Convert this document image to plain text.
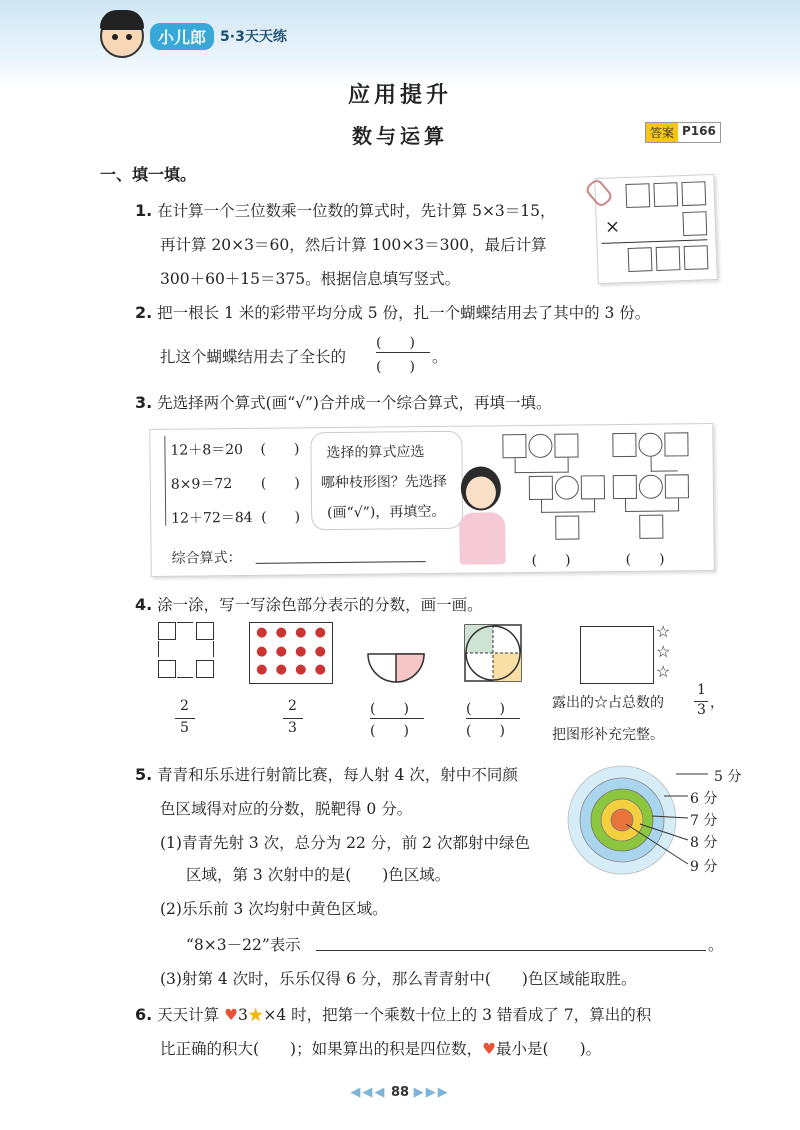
小儿郎	5·3天天练
应用提升
数与运算	答案 P166
一、填一填。
1. 在计算一个三位数乘一位数的算式时，先计算 5×3＝15，
再计算 20×3＝60，然后计算 100×3＝300，最后计算
300＋60＋15＝375。根据信息填写竖式。
×
2. 把一根长 1 米的彩带平均分成 5 份，扎一个蝴蝶结用去了其中的 3 份。
扎这个蝴蝶结用去了全长的
(　　)
(　　)
。
3. 先选择两个算式(画“√”)合并成一个综合算式，再填一填。
12＋8＝20 (　　)
8×9＝72 (　　)
12＋72＝84 (　　)
综合算式：
选择的算式应选
哪种枝形图？先选择
(画“√”)，再填空。
(　　)	(　　)
4. 涂一涂，写一写涂色部分表示的分数，画一画。
● ● ● ●
● ● ● ●
● ● ● ●
☆
☆
☆
2
5
2
3
(　　)
(　　)
(　　)
(　　)
露出的☆占总数的
1
3 ，
把图形补充完整。
5. 青青和乐乐进行射箭比赛，每人射 4 次，射中不同颜
色区域得对应的分数，脱靶得 0 分。
(1)青青先射 3 次，总分为 22 分，前 2 次都射中绿色
区域，第 3 次射中的是(　　)色区域。
(2)乐乐前 3 次均射中黄色区域。
“8×3－22”表示	。
(3)射第 4 次时，乐乐仅得 6 分，那么青青射中(　　)色区域能取胜。
5 分
6 分
7 分
8 分
9 分
6. 天天计算 ♥3★×4 时，把第一个乘数十位上的 3 错看成了 7，算出的积
比正确的积大(　　)；如果算出的积是四位数，♥最小是(　　)。
◀◀◀ 88 ▶▶▶
